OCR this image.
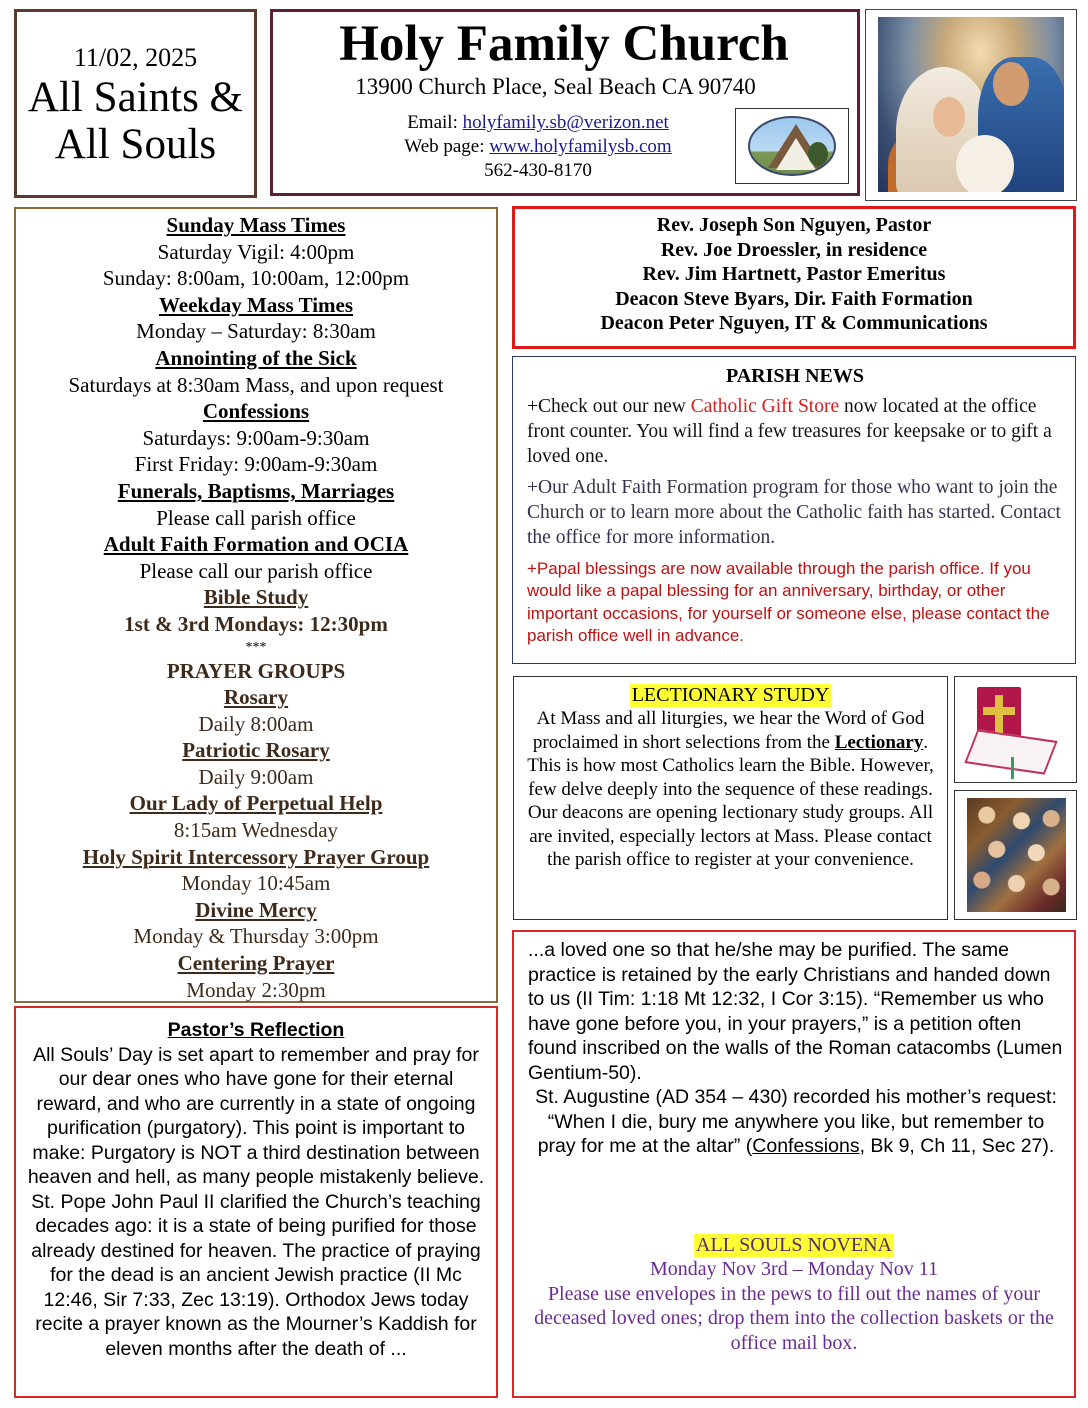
11/02, 2025
All Saints &
All Souls
Holy Family Church
13900 Church Place, Seal Beach CA 90740
Email: holyfamily.sb@verizon.net
Web page: www.holyfamilysb.com
562-430-8170
Sunday Mass Times
Saturday Vigil: 4:00pm
Sunday: 8:00am, 10:00am, 12:00pm
Weekday Mass Times
Monday – Saturday: 8:30am
Annointing of the Sick
Saturdays at 8:30am Mass, and upon request
Confessions
Saturdays: 9:00am-9:30am
First Friday: 9:00am-9:30am
Funerals, Baptisms, Marriages
Please call parish office
Adult Faith Formation and OCIA
Please call our parish office
Bible Study
1st & 3rd Mondays: 12:30pm
***
PRAYER GROUPS
Rosary
Daily 8:00am
Patriotic Rosary
Daily 9:00am
Our Lady of Perpetual Help
8:15am Wednesday
Holy Spirit Intercessory Prayer Group
Monday 10:45am
Divine Mercy
Monday & Thursday 3:00pm
Centering Prayer
Monday 2:30pm
Pastor’s Reflection
All Souls’ Day is set apart to remember and pray for our dear ones who have gone for their eternal reward, and who are currently in a state of ongoing purification (purgatory). This point is important to make: Purgatory is NOT a third destination between heaven and hell, as many people mistakenly believe. St. Pope John Paul II clarified the Church’s teaching decades ago: it is a state of being purified for those already destined for heaven. The practice of praying for the dead is an ancient Jewish practice (II Mc 12:46, Sir 7:33, Zec 13:19). Orthodox Jews today recite a prayer known as the Mourner’s Kaddish for eleven months after the death of ...
Rev. Joseph Son Nguyen, Pastor
Rev. Joe Droessler, in residence
Rev. Jim Hartnett, Pastor Emeritus
Deacon Steve Byars, Dir. Faith Formation
Deacon Peter Nguyen, IT & Communications
PARISH NEWS
+Check out our new Catholic Gift Store now located at the office front counter. You will find a few treasures for keepsake or to gift a loved one.
+Our Adult Faith Formation program for those who want to join the Church or to learn more about the Catholic faith has started. Contact the office for more information.
+Papal blessings are now available through the parish office. If you would like a papal blessing for an anniversary, birthday, or other important occasions, for yourself or someone else, please contact the parish office well in advance.
LECTIONARY STUDY
At Mass and all liturgies, we hear the Word of God proclaimed in short selections from the Lectionary. This is how most Catholics learn the Bible. However, few delve deeply into the sequence of these readings. Our deacons are opening lectionary study groups. All are invited, especially lectors at Mass. Please contact the parish office to register at your convenience.
...a loved one so that he/she may be purified. The same practice is retained by the early Christians and handed down to us (II Tim: 1:18 Mt 12:32, I Cor 3:15). “Remember us who have gone before you, in your prayers,” is a petition often found inscribed on the walls of the Roman catacombs (Lumen Gentium-50).
St. Augustine (AD 354 – 430) recorded his mother’s request: “When I die, bury me anywhere you like, but remember to pray for me at the altar” (Confessions, Bk 9, Ch 11, Sec 27).
ALL SOULS NOVENA
Monday Nov 3rd – Monday Nov 11
Please use envelopes in the pews to fill out the names of your deceased loved ones; drop them into the collection baskets or the office mail box.
